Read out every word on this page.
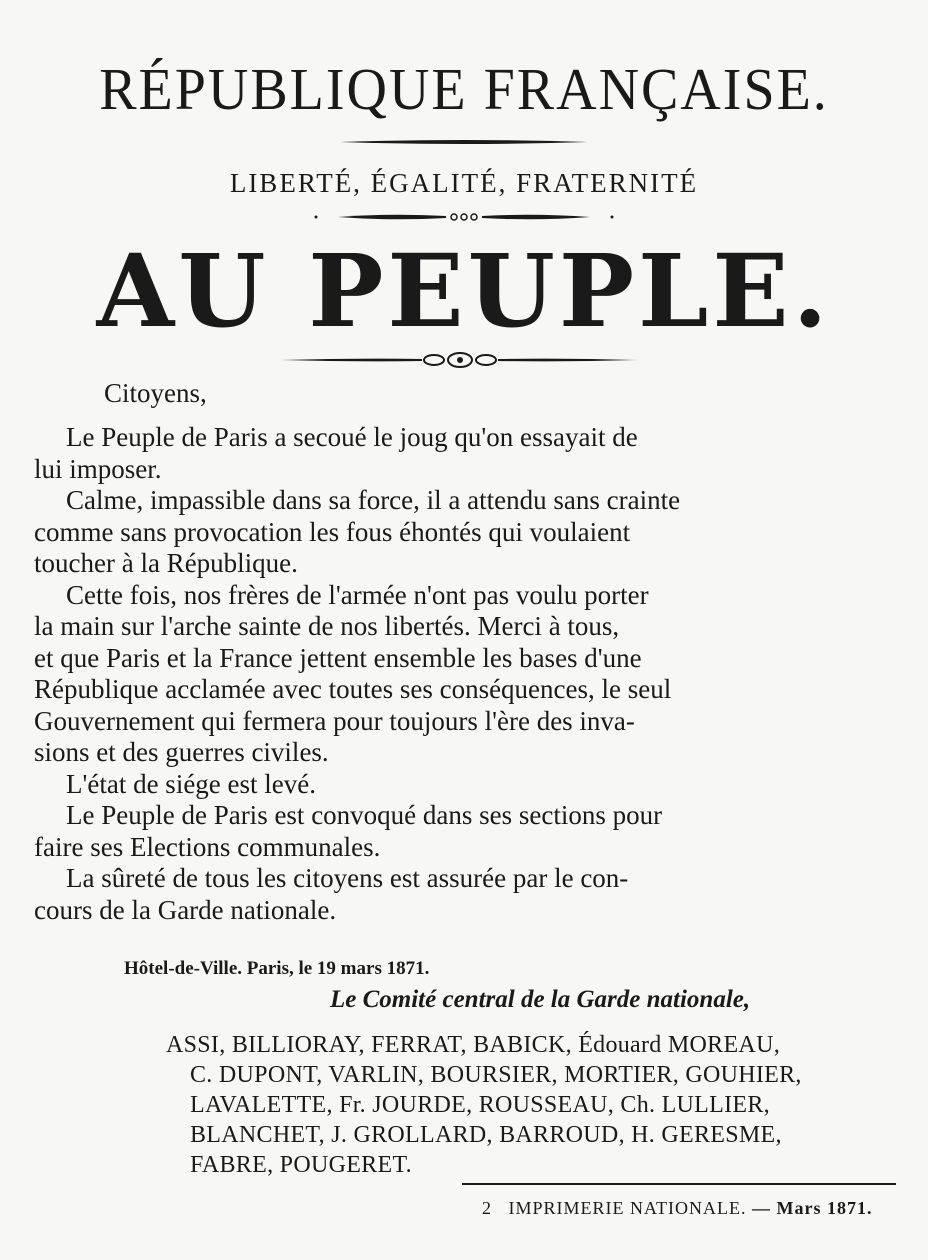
RÉPUBLIQUE FRANÇAISE.
LIBERTÉ, ÉGALITÉ, FRATERNITÉ
AU PEUPLE.
Citoyens,
Le Peuple de Paris a secoué le joug qu'on essayait de
lui imposer.
Calme, impassible dans sa force, il a attendu sans crainte
comme sans provocation les fous éhontés qui voulaient
toucher à la République.
Cette fois, nos frères de l'armée n'ont pas voulu porter
la main sur l'arche sainte de nos libertés. Merci à tous,
et que Paris et la France jettent ensemble les bases d'une
République acclamée avec toutes ses conséquences, le seul
Gouvernement qui fermera pour toujours l'ère des inva-
sions et des guerres civiles.
L'état de siége est levé.
Le Peuple de Paris est convoqué dans ses sections pour
faire ses Elections communales.
La sûreté de tous les citoyens est assurée par le con-
cours de la Garde nationale.
Hôtel-de-Ville. Paris, le 19 mars 1871.
Le Comité central de la Garde nationale,
ASSI, BILLIORAY, FERRAT, BABICK, Édouard MOREAU,
C. DUPONT, VARLIN, BOURSIER, MORTIER, GOUHIER,
LAVALETTE, Fr. JOURDE, ROUSSEAU, Ch. LULLIER,
BLANCHET, J. GROLLARD, BARROUD, H. GERESME,
FABRE, POUGERET.
2 IMPRIMERIE NATIONALE. — Mars 1871.
